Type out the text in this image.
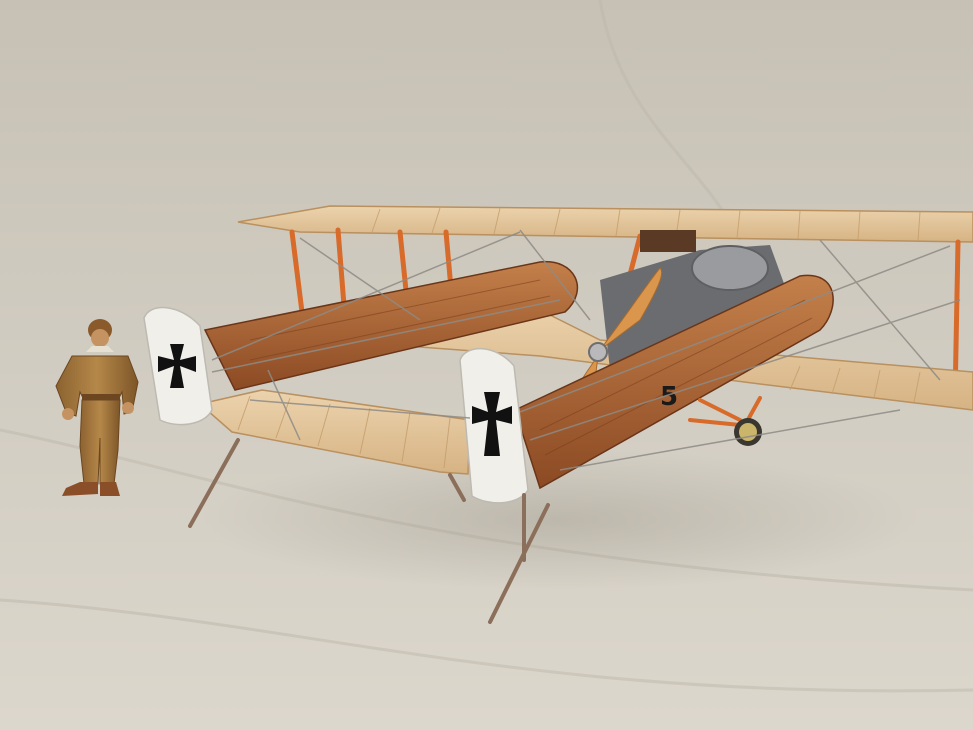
5
